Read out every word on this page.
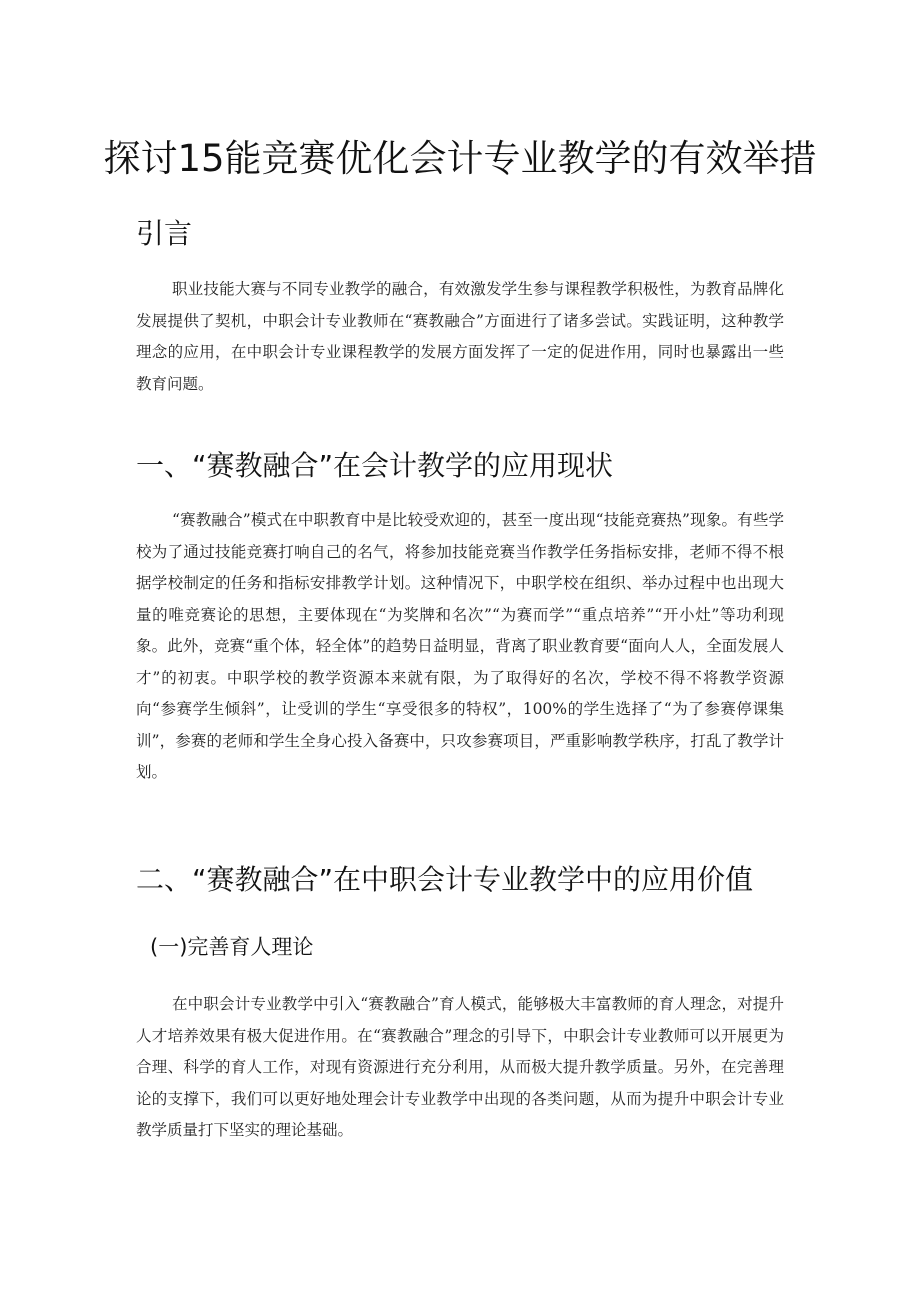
探讨15能竞赛优化会计专业教学的有效举措
引言

职业技能大赛与不同专业教学的融合，有效激发学生参与课程教学积极性，为教育品牌化发展提供了契机，中职会计专业教师在“赛教融合”方面进行了诸多尝试。实践证明，这种教学理念的应用，在中职会计专业课程教学的发展方面发挥了一定的促进作用，同时也暴露出一些教育问题。

一、“赛教融合”在会计教学的应用现状

“赛教融合”模式在中职教育中是比较受欢迎的，甚至一度出现“技能竞赛热”现象。有些学校为了通过技能竞赛打响自己的名气，将参加技能竞赛当作教学任务指标安排，老师不得不根据学校制定的任务和指标安排教学计划。这种情况下，中职学校在组织、举办过程中也出现大量的唯竞赛论的思想，主要体现在“为奖牌和名次”“为赛而学”“重点培养”“开小灶”等功利现象。此外，竞赛“重个体，轻全体”的趋势日益明显，背离了职业教育要“面向人人，全面发展人才”的初衷。中职学校的教学资源本来就有限，为了取得好的名次，学校不得不将教学资源向“参赛学生倾斜”，让受训的学生“享受很多的特权”，100%的学生选择了“为了参赛停课集训”，参赛的老师和学生全身心投入备赛中，只攻参赛项目，严重影响教学秩序，打乱了教学计划。

二、“赛教融合”在中职会计专业教学中的应用价值
(一)完善育人理论

在中职会计专业教学中引入“赛教融合”育人模式，能够极大丰富教师的育人理念，对提升人才培养效果有极大促进作用。在“赛教融合”理念的引导下，中职会计专业教师可以开展更为合理、科学的育人工作，对现有资源进行充分利用，从而极大提升教学质量。另外，在完善理论的支撑下，我们可以更好地处理会计专业教学中出现的各类问题，从而为提升中职会计专业教学质量打下坚实的理论基础。
